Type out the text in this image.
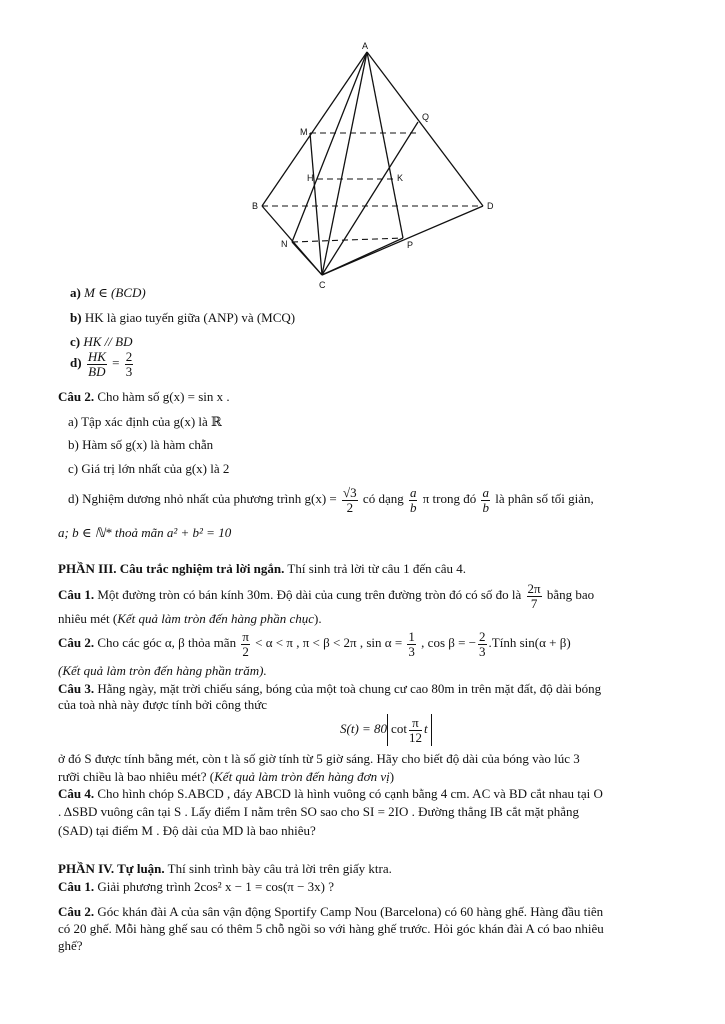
A
M
Q
H	K
B	D
N	P
C
a) M ∈ (BCD)
b) HK là giao tuyến giữa (ANP) và (MCQ)
c) HK // BD
$d) \frac{HK}{BD} = \frac{2}{3}$
Câu 2. Cho hàm số g(x) = sin x .
a) Tập xác định của g(x) là ℝ
b) Hàm số g(x) là hàm chẵn
c) Giá trị lớn nhất của g(x) là 2
d) Nghiệm dương nhỏ nhất của phương trình $g(x) = \frac{√3}{2}$ có dạng $\frac{a}{b}$ π trong đó $\frac{a}{b}$ là phân số tối giản,
a; b ∈ ℕ* thoả mãn a² + b² = 10
PHẦN III. Câu trắc nghiệm trả lời ngắn. Thí sinh trả lời từ câu 1 đến câu 4.
Câu 1. Một đường tròn có bán kính 30m. Độ dài của cung trên đường tròn đó có số đo là $\frac{2\pi}{7}$ bằng bao
nhiêu mét (Kết quả làm tròn đến hàng phần chục).
Câu 2. Cho các góc α, β thỏa mãn $\frac{\pi}{2} < \alpha < \pi$ , π < β < 2π , $\sin \alpha = \frac{1}{3}$ , cos β = − $\frac{2}{3}$ .Tính sin(α + β)
(Kết quả làm tròn đến hàng phần trăm).
Câu 3. Hằng ngày, mặt trời chiếu sáng, bóng của một toà chung cư cao 80m in trên mặt đất, độ dài bóng
của toà nhà này được tính bởi công thức
S(t) = 80 $\cot \frac{\pi}{12}$ t
ở đó S được tính bằng mét, còn t là số giờ tính từ 5 giờ sáng. Hãy cho biết độ dài của bóng vào lúc 3
rưỡi chiều là bao nhiêu mét? (Kết quả làm tròn đến hàng đơn vị)
Câu 4. Cho hình chóp S.ABCD , đáy ABCD là hình vuông có cạnh bằng 4 cm. AC và BD cắt nhau tại O
. ΔSBD vuông cân tại S . Lấy điểm I nằm trên SO sao cho SI = 2IO . Đường thẳng IB cắt mặt phẳng
(SAD) tại điểm M . Độ dài của MD là bao nhiêu?
PHẦN IV. Tự luận. Thí sinh trình bày câu trả lời trên giấy ktra.
Câu 1. Giải phương trình 2cos² x − 1 = cos(π − 3x) ?
Câu 2. Góc khán đài A của sân vận động Sportify Camp Nou (Barcelona) có 60 hàng ghế. Hàng đầu tiên
có 20 ghế. Mỗi hàng ghế sau có thêm 5 chỗ ngồi so với hàng ghế trước. Hỏi góc khán đài A có bao nhiêu
ghế?
